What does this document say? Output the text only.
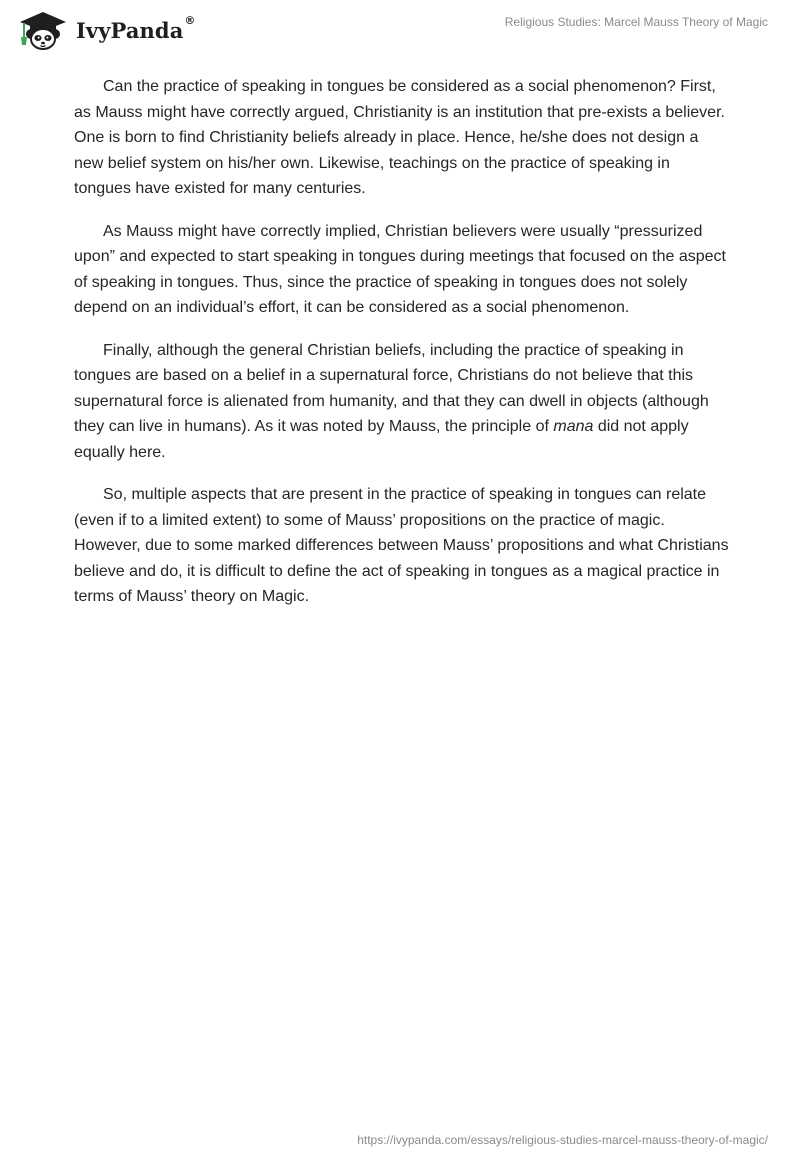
IvyPanda ®	Religious Studies: Marcel Mauss Theory of Magic

Can the practice of speaking in tongues be considered as a social phenomenon? First, as Mauss might have correctly argued, Christianity is an institution that pre-exists a believer. One is born to find Christianity beliefs already in place. Hence, he/she does not design a new belief system on his/her own. Likewise, teachings on the practice of speaking in tongues have existed for many centuries.

As Mauss might have correctly implied, Christian believers were usually “pressurized upon” and expected to start speaking in tongues during meetings that focused on the aspect of speaking in tongues. Thus, since the practice of speaking in tongues does not solely depend on an individual’s effort, it can be considered as a social phenomenon.

Finally, although the general Christian beliefs, including the practice of speaking in tongues are based on a belief in a supernatural force, Christians do not believe that this supernatural force is alienated from humanity, and that they can dwell in objects (although they can live in humans). As it was noted by Mauss, the principle of mana did not apply equally here.

So, multiple aspects that are present in the practice of speaking in tongues can relate (even if to a limited extent) to some of Mauss’ propositions on the practice of magic. However, due to some marked differences between Mauss’ propositions and what Christians believe and do, it is difficult to define the act of speaking in tongues as a magical practice in terms of Mauss’ theory on Magic.

https://ivypanda.com/essays/religious-studies-marcel-mauss-theory-of-magic/
